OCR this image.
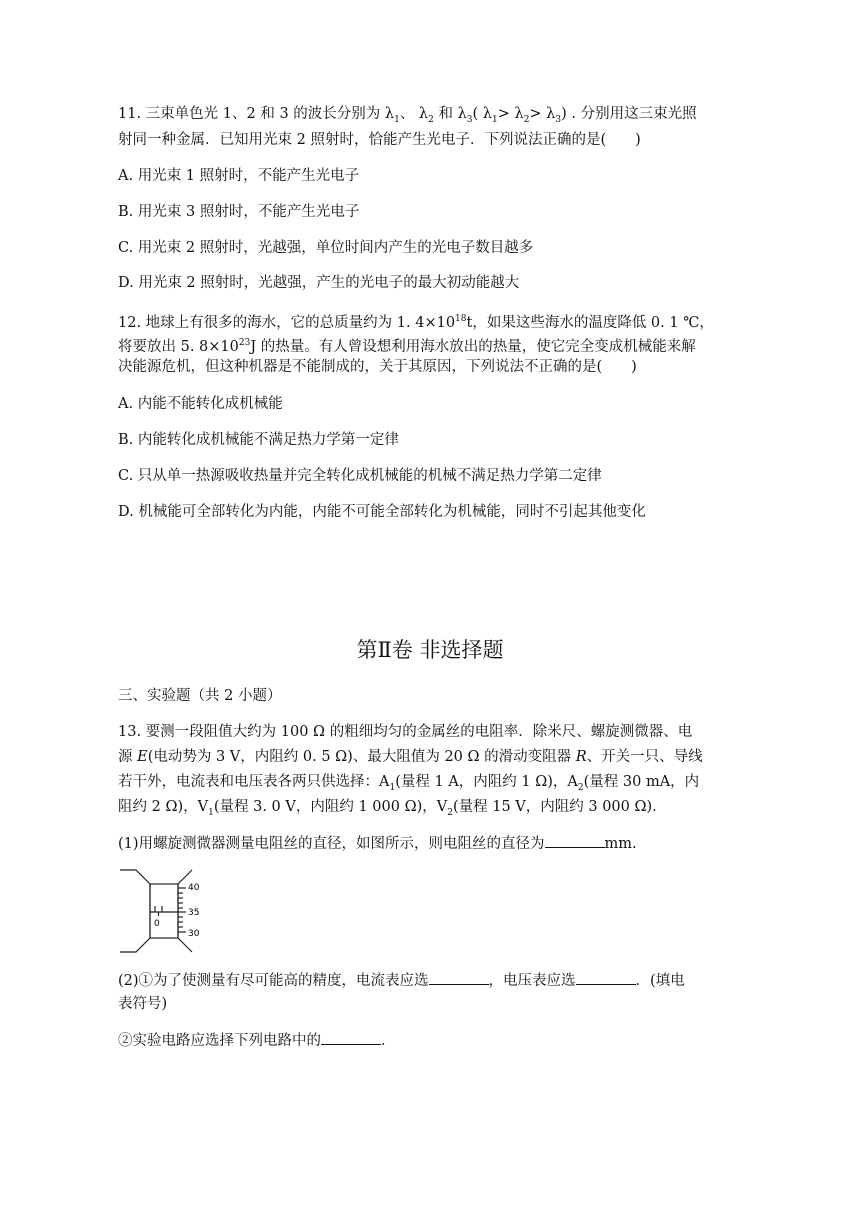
11. 三束单色光 1、2 和 3 的波长分别为 $\lambda_1$、 $\lambda_2$ 和 $\lambda_3$( $\lambda_1> \lambda_2> \lambda_3$) . 分别用这三束光照
射同一种金属．已知用光束 2 照射时，恰能产生光电子．下列说法正确的是(　　)
A. 用光束 1 照射时，不能产生光电子
B. 用光束 3 照射时，不能产生光电子
C. 用光束 2 照射时，光越强，单位时间内产生的光电子数目越多
D. 用光束 2 照射时，光越强，产生的光电子的最大初动能越大
12. 地球上有很多的海水，它的总质量约为 1. $4\times 10^{18}t$，如果这些海水的温度降低 0. 1 ℃，
将要放出 5. $8\times 10^{23}J$ 的热量。有人曾设想利用海水放出的热量，使它完全变成机械能来解
决能源危机，但这种机器是不能制成的，关于其原因，下列说法不正确的是(　　)
A. 内能不能转化成机械能
B. 内能转化成机械能不满足热力学第一定律
C. 只从单一热源吸收热量并完全转化成机械能的机械不满足热力学第二定律
D. 机械能可全部转化为内能，内能不可能全部转化为机械能，同时不引起其他变化
第Ⅱ卷 非选择题
三、实验题（共 2 小题）
13. 要测一段阻值大约为 100 Ω 的粗细均匀的金属丝的电阻率．除米尺、螺旋测微器、电
源 E(电动势为 3 V，内阻约 0. 5 Ω)、最大阻值为 20 Ω 的滑动变阻器 R、开关一只、导线
若干外，电流表和电压表各两只供选择：$A_1$(量程 1 A，内阻约 1 Ω)，$A_2$(量程 30 mA，内
阻约 2 Ω)，$V_1$(量程 3. 0 V，内阻约 1 000 Ω)，$V_2$(量程 15 V，内阻约 3 000 Ω)．
(1)用螺旋测微器测量电阻丝的直径，如图所示，则电阻丝的直径为	mm.
40
35
30
0
(2)①为了使测量有尽可能高的精度，电流表应选	，电压表应选	．(填电
表符号)
②实验电路应选择下列电路中的	．
